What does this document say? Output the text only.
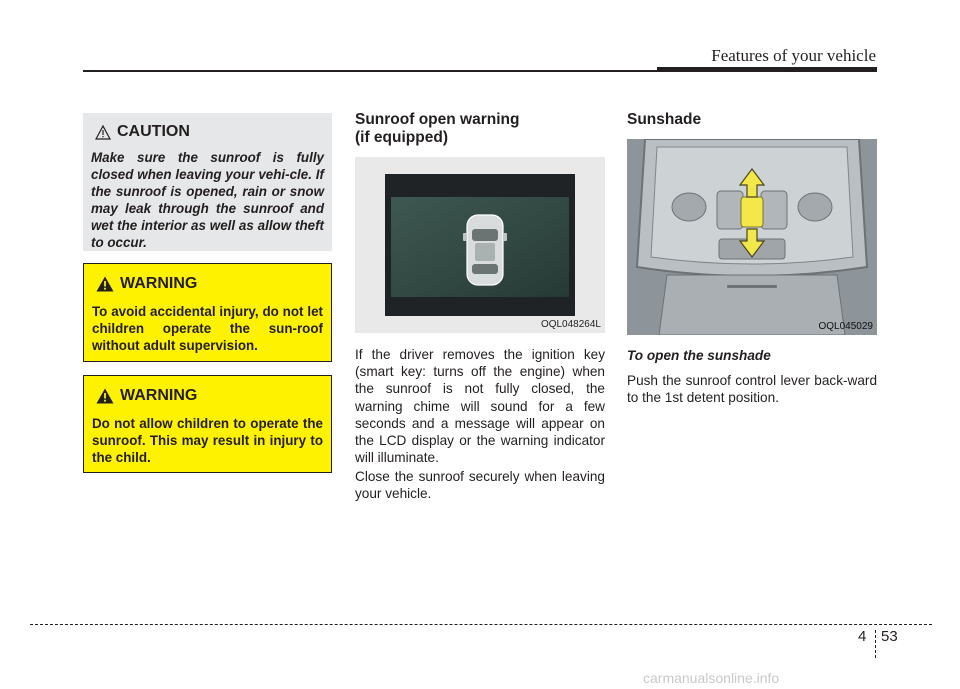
Features of your vehicle
CAUTION

Make sure the sunroof is fully closed when leaving your vehi-cle. If the sunroof is opened, rain or snow may leak through the sunroof and wet the interior as well as allow theft to occur.

WARNING

To avoid accidental injury, do not let children operate the sun-roof without adult supervision.

WARNING

Do not allow children to operate the sunroof. This may result in injury to the child.

Sunroof open warning
(if equipped)
OQL048264L

If the driver removes the ignition key (smart key: turns off the engine) when the sunroof is not fully closed, the warning chime will sound for a few seconds and a message will appear on the LCD display or the warning indicator will illuminate.

Close the sunroof securely when leaving your vehicle.

Sunshade
OQL045029
To open the sunshade

Push the sunroof control lever back-ward to the 1st detent position.

4 53
carmanualsonline.info
